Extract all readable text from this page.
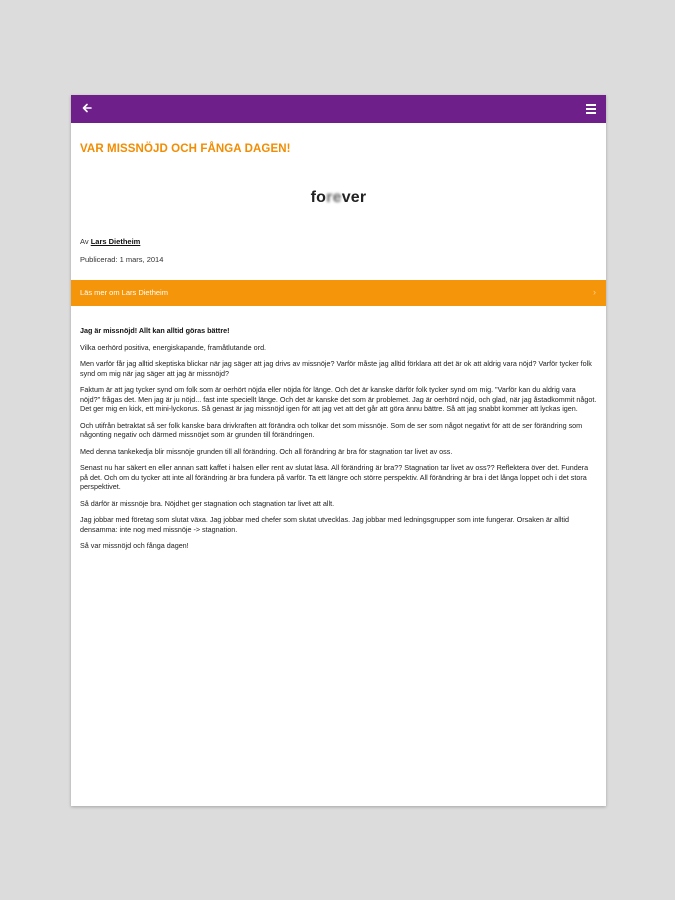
VAR MISSNÖJD OCH FÅNGA DAGEN!
forever
Av Lars Dietheim
Publicerad: 1 mars, 2014
Läs mer om Lars Dietheim	›

Jag är missnöjd! Allt kan alltid göras bättre!

Vilka oerhörd positiva, energiskapande, framåtlutande ord.

Men varför får jag alltid skeptiska blickar när jag säger att jag drivs av missnöje? Varför måste jag alltid förklara att det är ok att aldrig vara nöjd? Varför tycker folk synd om mig när jag säger att jag är missnöjd?

Faktum är att jag tycker synd om folk som är oerhört nöjda eller nöjda för länge. Och det är kanske därför folk tycker synd om mig. "Varför kan du aldrig vara nöjd?" frågas det. Men jag är ju nöjd... fast inte speciellt länge. Och det är kanske det som är problemet. Jag är oerhörd nöjd, och glad, när jag åstadkommit något. Det ger mig en kick, ett mini-lyckorus. Så genast är jag missnöjd igen för att jag vet att det går att göra ännu bättre. Så att jag snabbt kommer att lyckas igen.

Och utifrån betraktat så ser folk kanske bara drivkraften att förändra och tolkar det som missnöje. Som de ser som något negativt för att de ser förändring som någonting negativ och därmed missnöjet som är grunden till förändringen.

Med denna tankekedja blir missnöje grunden till all förändring. Och all förändring är bra för stagnation tar livet av oss.

Senast nu har säkert en eller annan satt kaffet i halsen eller rent av slutat läsa. All förändring är bra?? Stagnation tar livet av oss?? Reflektera över det. Fundera på det. Och om du tycker att inte all förändring är bra fundera på varför. Ta ett längre och större perspektiv. All förändring är bra i det långa loppet och i det stora perspektivet.

Så därför är missnöje bra. Nöjdhet ger stagnation och stagnation tar livet att allt.

Jag jobbar med företag som slutat växa. Jag jobbar med chefer som slutat utvecklas. Jag jobbar med ledningsgrupper som inte fungerar. Orsaken är alltid densamma: inte nog med missnöje -> stagnation.

Så var missnöjd och fånga dagen!
